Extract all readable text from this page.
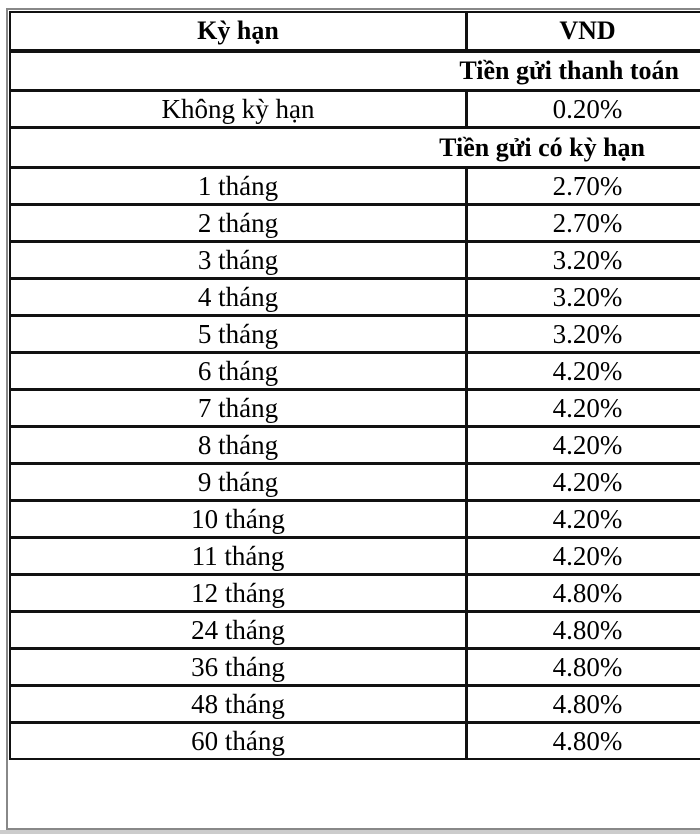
Kỳ hạn	VND
Tiền gửi thanh toán	
Không kỳ hạn	0.20%
Tiền gửi có kỳ hạn	
1 tháng	2.70%
2 tháng	2.70%
3 tháng	3.20%
4 tháng	3.20%
5 tháng	3.20%
6 tháng	4.20%
7 tháng	4.20%
8 tháng	4.20%
9 tháng	4.20%
10 tháng	4.20%
11 tháng	4.20%
12 tháng	4.80%
24 tháng	4.80%
36 tháng	4.80%
48 tháng	4.80%
60 tháng	4.80%
